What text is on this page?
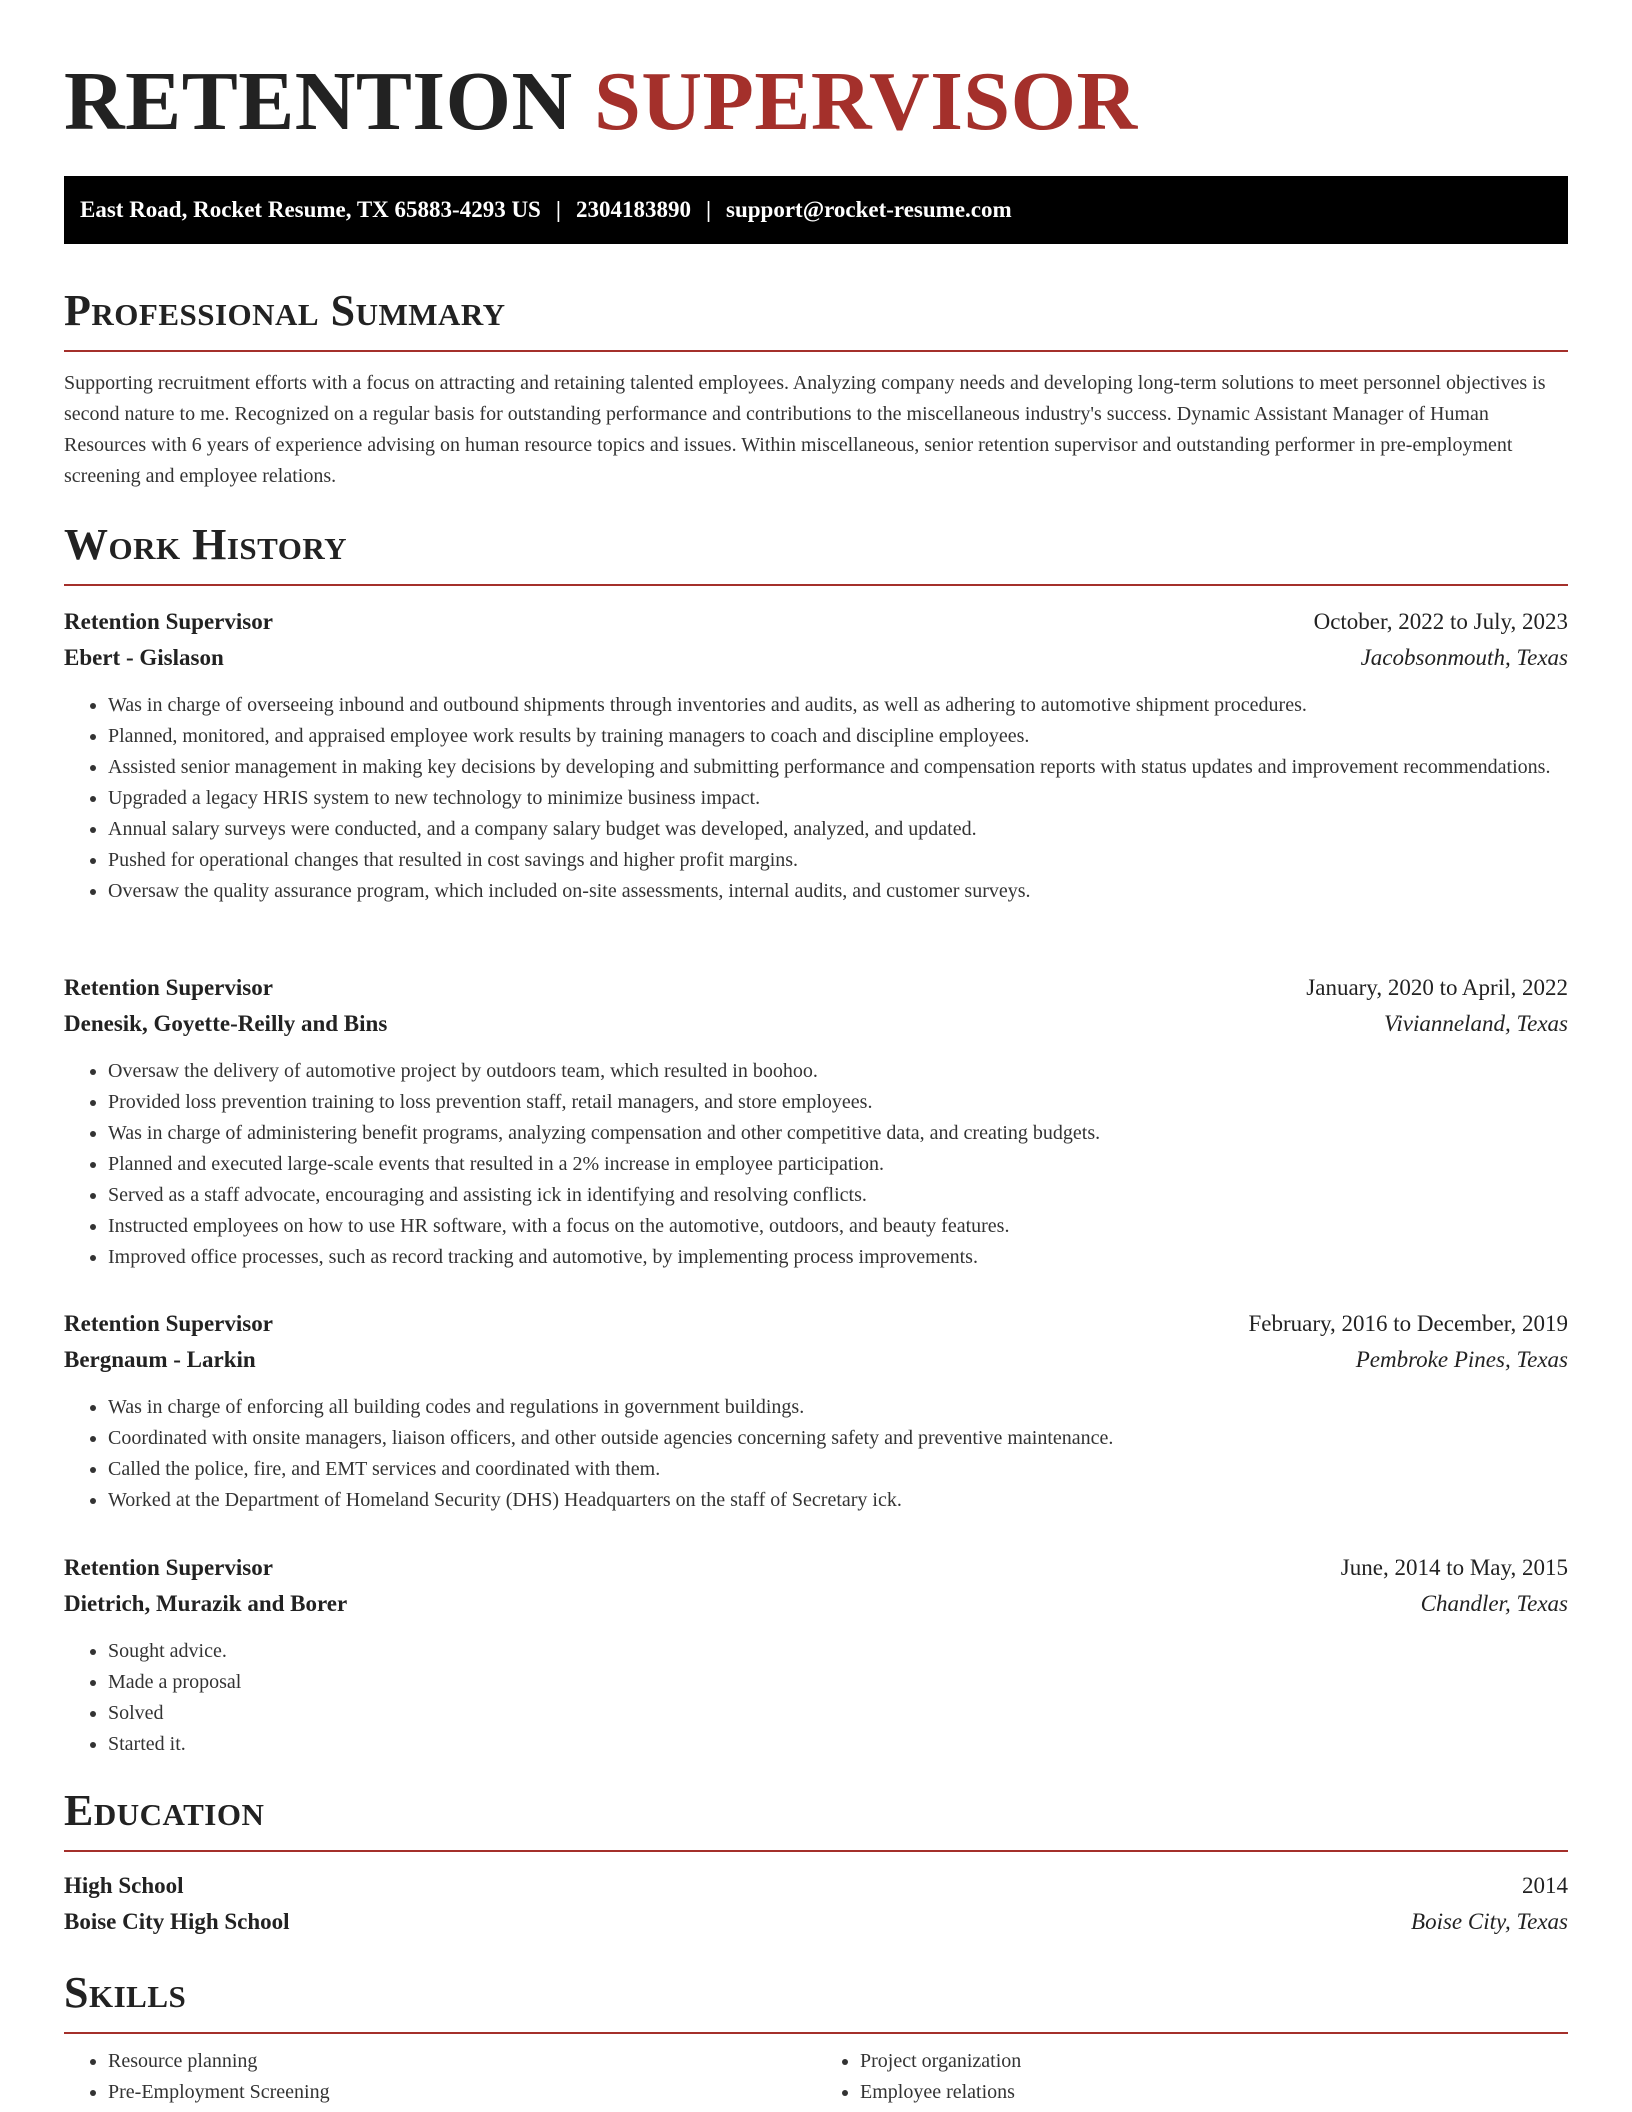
RETENTION SUPERVISOR
East Road, Rocket Resume, TX 65883-4293 US | 2304183890 | support@rocket-resume.com
Professional Summary
Supporting recruitment efforts with a focus on attracting and retaining talented employees. Analyzing company needs and developing long-term solutions to meet personnel objectives is second nature to me. Recognized on a regular basis for outstanding performance and contributions to the miscellaneous industry's success. Dynamic Assistant Manager of Human Resources with 6 years of experience advising on human resource topics and issues. Within miscellaneous, senior retention supervisor and outstanding performer in pre-employment screening and employee relations.
Work History
Retention Supervisor	October, 2022 to July, 2023
Ebert - Gislason	Jacobsonmouth, Texas
• Was in charge of overseeing inbound and outbound shipments through inventories and audits, as well as adhering to automotive shipment procedures.
• Planned, monitored, and appraised employee work results by training managers to coach and discipline employees.
• Assisted senior management in making key decisions by developing and submitting performance and compensation reports with status updates and improvement recommendations.
• Upgraded a legacy HRIS system to new technology to minimize business impact.
• Annual salary surveys were conducted, and a company salary budget was developed, analyzed, and updated.
• Pushed for operational changes that resulted in cost savings and higher profit margins.
• Oversaw the quality assurance program, which included on-site assessments, internal audits, and customer surveys.
Retention Supervisor	January, 2020 to April, 2022
Denesik, Goyette-Reilly and Bins	Vivianneland, Texas
• Oversaw the delivery of automotive project by outdoors team, which resulted in boohoo.
• Provided loss prevention training to loss prevention staff, retail managers, and store employees.
• Was in charge of administering benefit programs, analyzing compensation and other competitive data, and creating budgets.
• Planned and executed large-scale events that resulted in a 2% increase in employee participation.
• Served as a staff advocate, encouraging and assisting ick in identifying and resolving conflicts.
• Instructed employees on how to use HR software, with a focus on the automotive, outdoors, and beauty features.
• Improved office processes, such as record tracking and automotive, by implementing process improvements.
Retention Supervisor	February, 2016 to December, 2019
Bergnaum - Larkin	Pembroke Pines, Texas
• Was in charge of enforcing all building codes and regulations in government buildings.
• Coordinated with onsite managers, liaison officers, and other outside agencies concerning safety and preventive maintenance.
• Called the police, fire, and EMT services and coordinated with them.
• Worked at the Department of Homeland Security (DHS) Headquarters on the staff of Secretary ick.
Retention Supervisor	June, 2014 to May, 2015
Dietrich, Murazik and Borer	Chandler, Texas
• Sought advice.
• Made a proposal
• Solved
• Started it.
Education
High School	2014
Boise City High School	Boise City, Texas
Skills
• Resource planning
• Pre-Employment Screening
• Project organization
• Employee relations
